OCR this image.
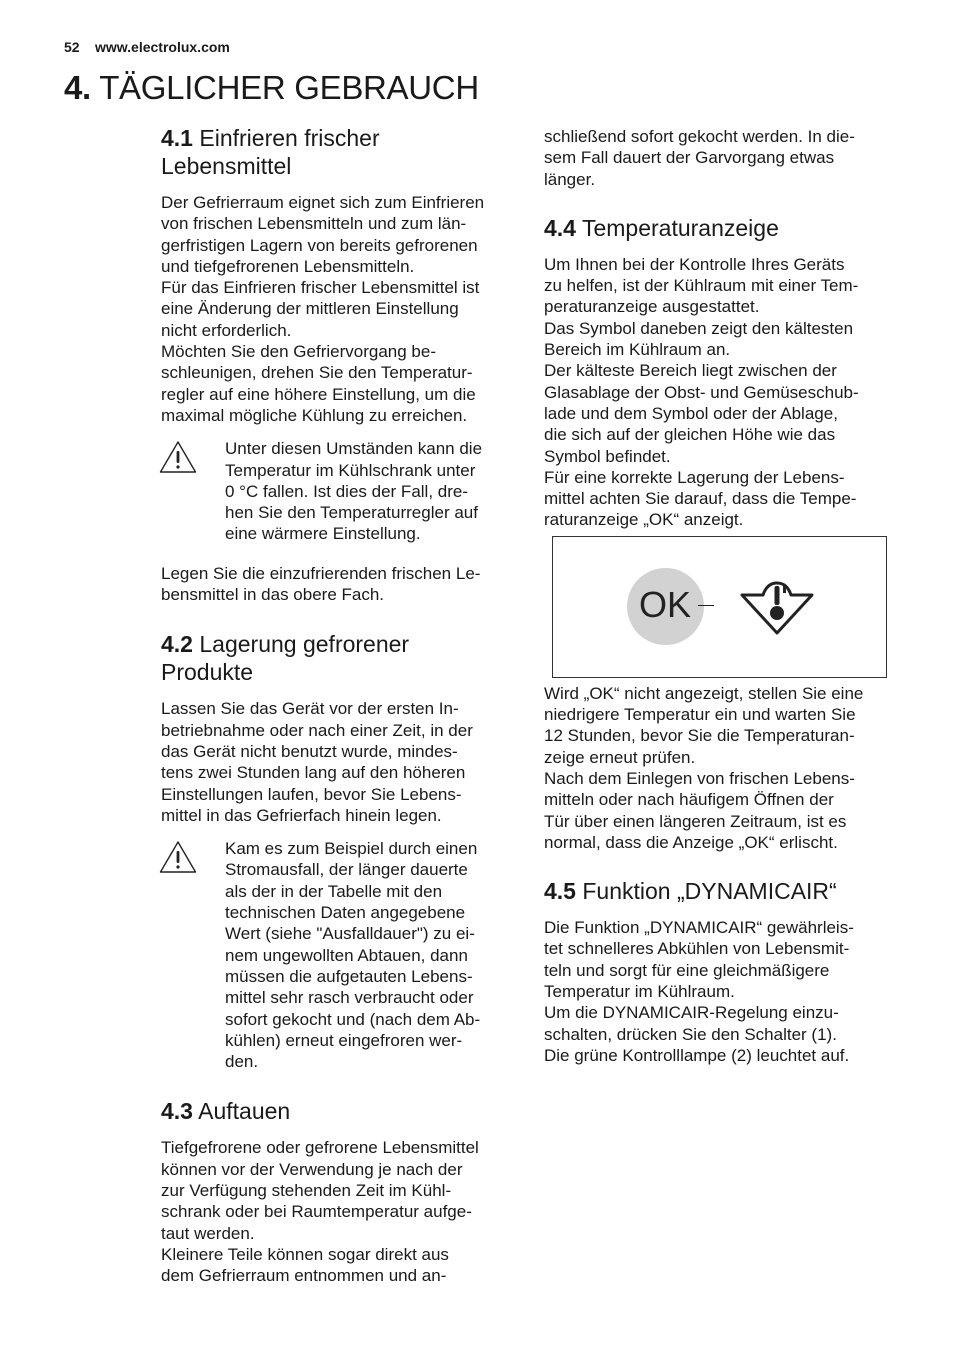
52 www.electrolux.com
4. TÄGLICHER GEBRAUCH
4.1 Einfrieren frischer
Lebensmittel

Der Gefrierraum eignet sich zum Einfrieren
von frischen Lebensmitteln und zum län-
gerfristigen Lagern von bereits gefrorenen
und tiefgefrorenen Lebensmitteln.
Für das Einfrieren frischer Lebensmittel ist
eine Änderung der mittleren Einstellung
nicht erforderlich.
Möchten Sie den Gefriervorgang be-
schleunigen, drehen Sie den Temperatur-
regler auf eine höhere Einstellung, um die
maximal mögliche Kühlung zu erreichen.

Unter diesen Umständen kann die
Temperatur im Kühlschrank unter
0 °C fallen. Ist dies der Fall, dre-
hen Sie den Temperaturregler auf
eine wärmere Einstellung.

Legen Sie die einzufrierenden frischen Le-
bensmittel in das obere Fach.

4.2 Lagerung gefrorener
Produkte

Lassen Sie das Gerät vor der ersten In-
betriebnahme oder nach einer Zeit, in der
das Gerät nicht benutzt wurde, mindes-
tens zwei Stunden lang auf den höheren
Einstellungen laufen, bevor Sie Lebens-
mittel in das Gefrierfach hinein legen.

Kam es zum Beispiel durch einen
Stromausfall, der länger dauerte
als der in der Tabelle mit den
technischen Daten angegebene
Wert (siehe "Ausfalldauer") zu ei-
nem ungewollten Abtauen, dann
müssen die aufgetauten Lebens-
mittel sehr rasch verbraucht oder
sofort gekocht und (nach dem Ab-
kühlen) erneut eingefroren wer-
den.

4.3 Auftauen

Tiefgefrorene oder gefrorene Lebensmittel
können vor der Verwendung je nach der
zur Verfügung stehenden Zeit im Kühl-
schrank oder bei Raumtemperatur aufge-
taut werden.
Kleinere Teile können sogar direkt aus
dem Gefrierraum entnommen und an-

schließend sofort gekocht werden. In die-
sem Fall dauert der Garvorgang etwas
länger.

4.4 Temperaturanzeige

Um Ihnen bei der Kontrolle Ihres Geräts
zu helfen, ist der Kühlraum mit einer Tem-
peraturanzeige ausgestattet.
Das Symbol daneben zeigt den kältesten
Bereich im Kühlraum an.
Der kälteste Bereich liegt zwischen der
Glasablage der Obst- und Gemüseschub-
lade und dem Symbol oder der Ablage,
die sich auf der gleichen Höhe wie das
Symbol befindet.
Für eine korrekte Lagerung der Lebens-
mittel achten Sie darauf, dass die Tempe-
raturanzeige „OK“ anzeigt.

OK

Wird „OK“ nicht angezeigt, stellen Sie eine
niedrigere Temperatur ein und warten Sie
12 Stunden, bevor Sie die Temperaturan-
zeige erneut prüfen.
Nach dem Einlegen von frischen Lebens-
mitteln oder nach häufigem Öffnen der
Tür über einen längeren Zeitraum, ist es
normal, dass die Anzeige „OK“ erlischt.

4.5 Funktion „DYNAMICAIR“

Die Funktion „DYNAMICAIR“ gewährleis-
tet schnelleres Abkühlen von Lebensmit-
teln und sorgt für eine gleichmäßigere
Temperatur im Kühlraum.
Um die DYNAMICAIR-Regelung einzu-
schalten, drücken Sie den Schalter (1).
Die grüne Kontrolllampe (2) leuchtet auf.
